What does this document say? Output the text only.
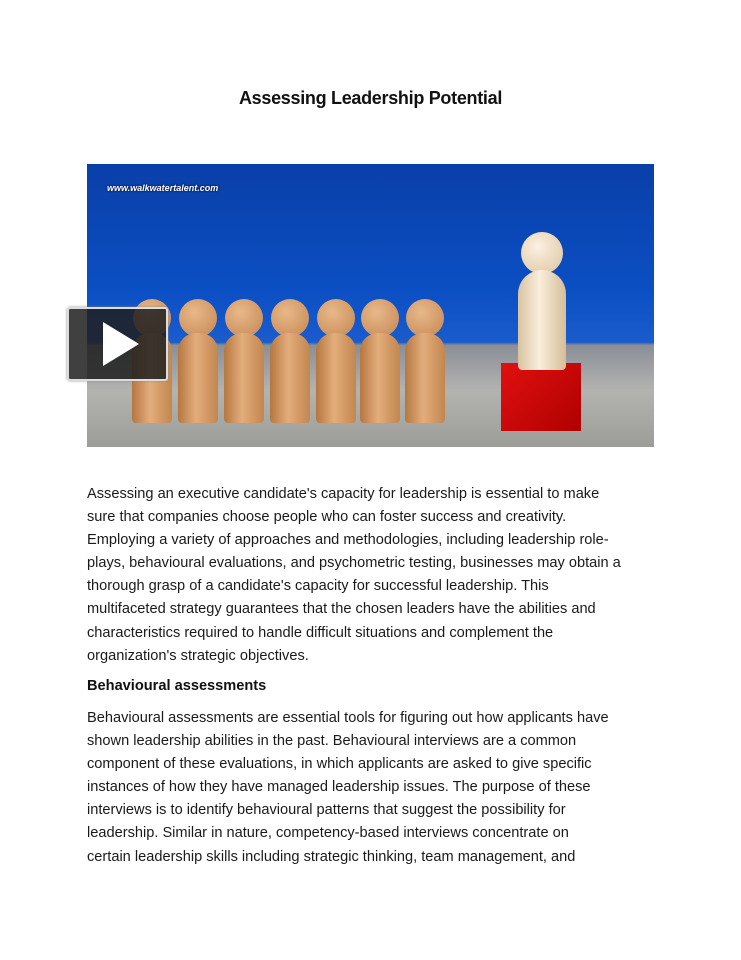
Assessing Leadership Potential
www.walkwatertalent.com
Assessing an executive candidate's capacity for leadership is essential to make
sure that companies choose people who can foster success and creativity.
Employing a variety of approaches and methodologies, including leadership role-
plays, behavioural evaluations, and psychometric testing, businesses may obtain a
thorough grasp of a candidate's capacity for successful leadership. This
multifaceted strategy guarantees that the chosen leaders have the abilities and
characteristics required to handle difficult situations and complement the
organization's strategic objectives.
Behavioural assessments
Behavioural assessments are essential tools for figuring out how applicants have
shown leadership abilities in the past. Behavioural interviews are a common
component of these evaluations, in which applicants are asked to give specific
instances of how they have managed leadership issues. The purpose of these
interviews is to identify behavioural patterns that suggest the possibility for
leadership. Similar in nature, competency-based interviews concentrate on
certain leadership skills including strategic thinking, team management, and
